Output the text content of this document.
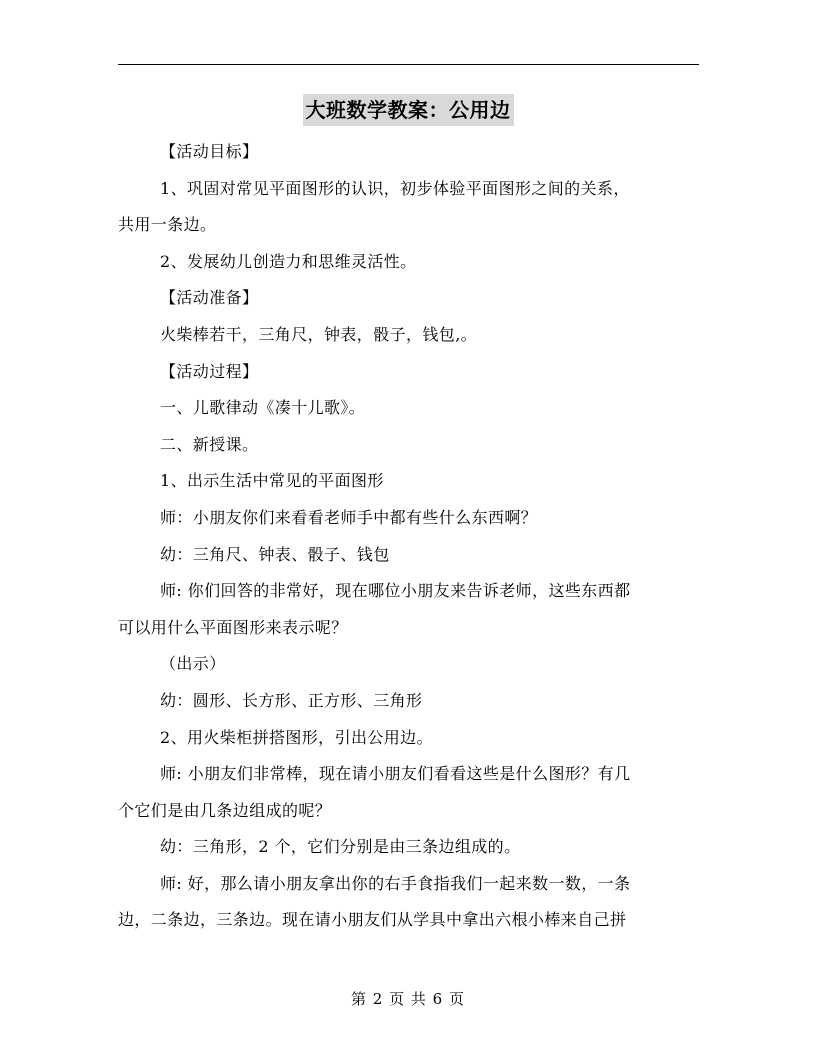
大班数学教案：公用边
【活动目标】
1、巩固对常见平面图形的认识，初步体验平面图形之间的关系，
共用一条边。
2、发展幼儿创造力和思维灵活性。
【活动准备】
火柴棒若干，三角尺，钟表，骰子，钱包,。
【活动过程】
一、儿歌律动《凑十儿歌》。
二、新授课。
1、出示生活中常见的平面图形
师：小朋友你们来看看老师手中都有些什么东西啊？
幼：三角尺、钟表、骰子、钱包
师: 你们回答的非常好，现在哪位小朋友来告诉老师，这些东西都
可以用什么平面图形来表示呢？
（出示）
幼：圆形、长方形、正方形、三角形
2、用火柴柜拼搭图形，引出公用边。
师: 小朋友们非常棒，现在请小朋友们看看这些是什么图形？有几
个它们是由几条边组成的呢？
幼：三角形，2 个，它们分别是由三条边组成的。
师: 好，那么请小朋友拿出你的右手食指我们一起来数一数，一条
边，二条边，三条边。现在请小朋友们从学具中拿出六根小棒来自己拼
第 2 页 共 6 页
